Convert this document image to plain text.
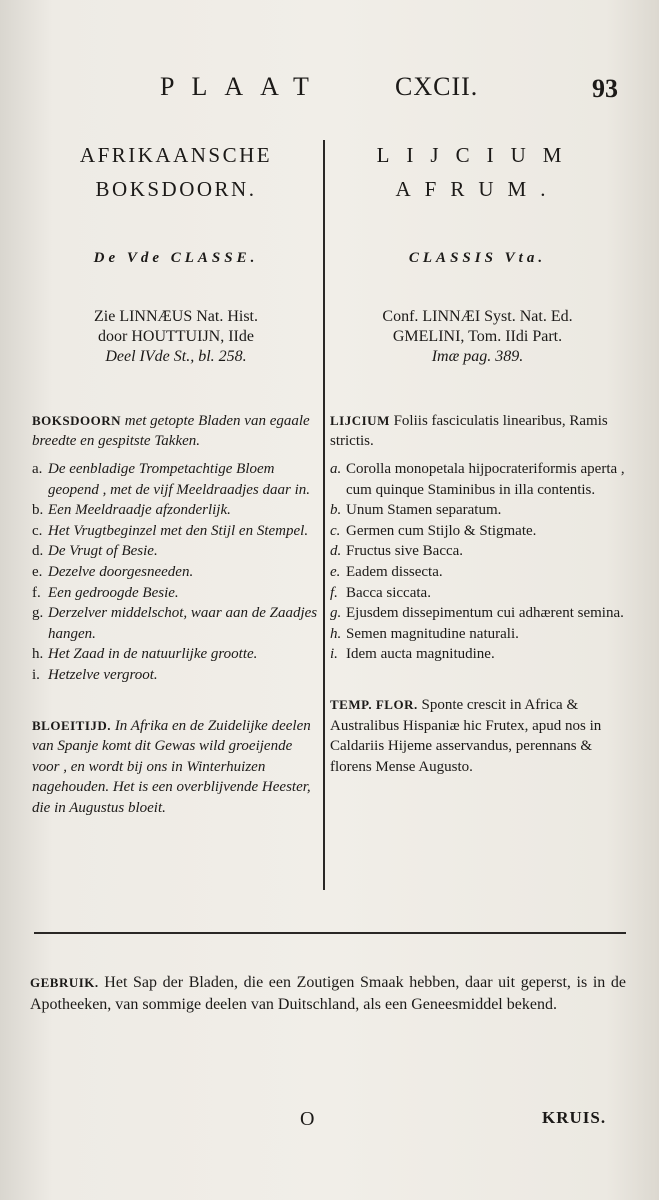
PLAAT	CXCII.	93
AFRIKAANSCHE
BOKSDOORN.
De Vde CLASSE.
Zie LINNÆUS Nat. Hist.
door HOUTTUIJN, IIde
Deel IVde St., bl. 258.
BOKSDOORN met getopte Bladen van egaale breedte en gespitste Takken.
a. De eenbladige Trompetachtige Bloem geopend , met de vijf Meeldraadjes daar in.
b. Een Meeldraadje afzonderlijk.
c. Het Vrugtbeginzel met den Stijl en Stempel.
d. De Vrugt of Besie.
e. Dezelve doorgesneeden.
f. Een gedroogde Besie.
g. Derzelver middelschot, waar aan de Zaadjes hangen.
h. Het Zaad in de natuurlijke grootte.
i. Hetzelve vergroot.
BLOEITIJD. In Afrika en de Zuidelijke deelen van Spanje komt dit Gewas wild groeijende voor , en wordt bij ons in Winterhuizen nagehouden. Het is een overblijvende Heester, die in Augustus bloeit.
LIJCIUM
AFRUM.
CLASSIS Vta.
Conf. LINNÆI Syst. Nat. Ed.
GMELINI, Tom. IIdi Part.
Imæ pag. 389.
LIJCIUM Foliis fasciculatis linearibus, Ramis strictis.
a. Corolla monopetala hijpocrateriformis aperta , cum quinque Staminibus in illa contentis.
b. Unum Stamen separatum.
c. Germen cum Stijlo & Stigmate.
d. Fructus sive Bacca.
e. Eadem dissecta.
f. Bacca siccata.
g. Ejusdem dissepimentum cui adhærent semina.
h. Semen magnitudine naturali.
i. Idem aucta magnitudine.
TEMP. FLOR. Sponte crescit in Africa & Australibus Hispaniæ hic Frutex, apud nos in Caldariis Hijeme asservandus, perennans & florens Mense Augusto.
GEBRUIK. Het Sap der Bladen, die een Zoutigen Smaak hebben, daar uit geperst, is in de Apotheeken, van sommige deelen van Duitschland, als een Geneesmiddel bekend.
O	KRUIS.
